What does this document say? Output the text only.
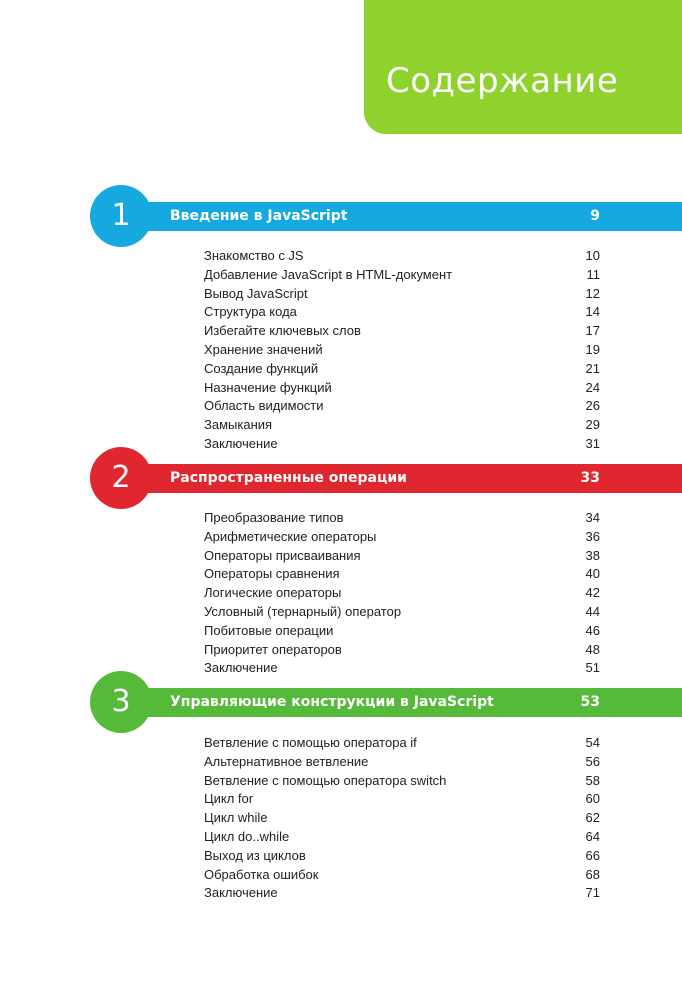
Содержание
1	Введение в JavaScript	9
Знакомство с JS	10
Добавление JavaScript в HTML-документ	11
Вывод JavaScript	12
Структура кода	14
Избегайте ключевых слов	17
Хранение значений	19
Создание функций	21
Назначение функций	24
Область видимости	26
Замыкания	29
Заключение	31
2	Распространенные операции	33
Преобразование типов	34
Арифметические операторы	36
Операторы присваивания	38
Операторы сравнения	40
Логические операторы	42
Условный (тернарный) оператор	44
Побитовые операции	46
Приоритет операторов	48
Заключение	51
3	Управляющие конструкции в JavaScript	53
Ветвление с помощью оператора if	54
Альтернативное ветвление	56
Ветвление с помощью оператора switch	58
Цикл for	60
Цикл while	62
Цикл do..while	64
Выход из циклов	66
Обработка ошибок	68
Заключение	71
